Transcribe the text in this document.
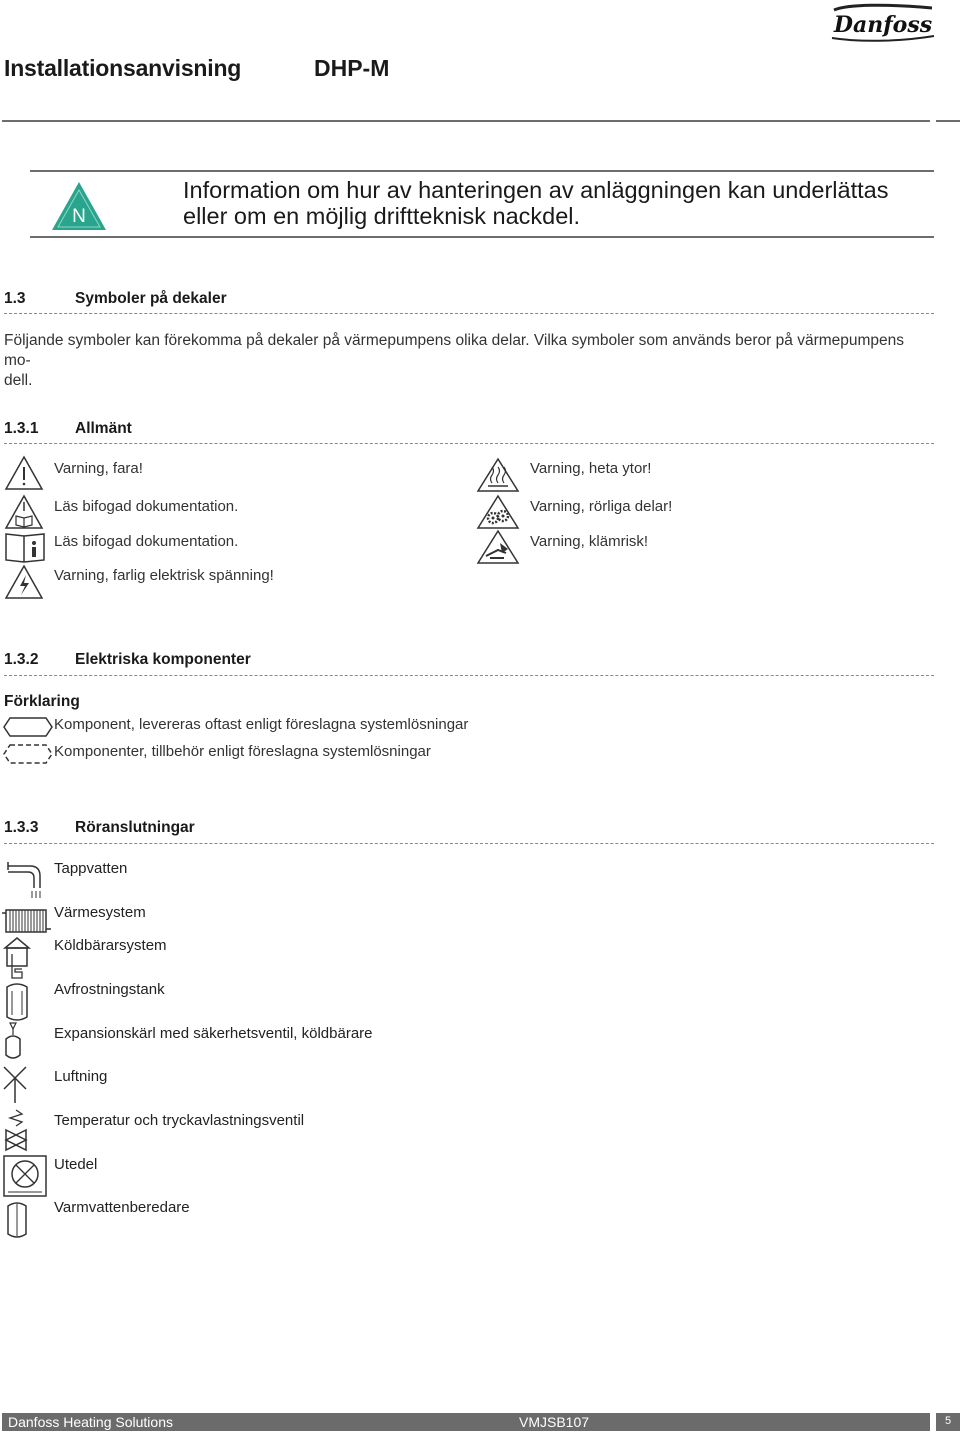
Danfoss
Installationsanvisning	DHP-M
N
Information om hur av hanteringen av anläggningen kan underlättas
eller om en möjlig driftteknisk nackdel.
1.3	Symboler på dekaler
Följande symboler kan förekomma på dekaler på värmepumpens olika delar. Vilka symboler som används beror på värmepumpens mo-
dell.
1.3.1 Allmänt
Varning, fara!
Läs bifogad dokumentation.
Läs bifogad dokumentation.
Varning, farlig elektrisk spänning!
Varning, heta ytor!
Varning, rörliga delar!
Varning, klämrisk!
1.3.2 Elektriska komponenter
Förklaring
Komponent, levereras oftast enligt föreslagna systemlösningar
Komponenter, tillbehör enligt föreslagna systemlösningar
1.3.3 Röranslutningar
Tappvatten
Värmesystem
Köldbärarsystem
Avfrostningstank
Expansionskärl med säkerhetsventil, köldbärare
Luftning
Temperatur och tryckavlastningsventil
Utedel
Varmvattenberedare
Danfoss Heating Solutions	VMJSB107	5
